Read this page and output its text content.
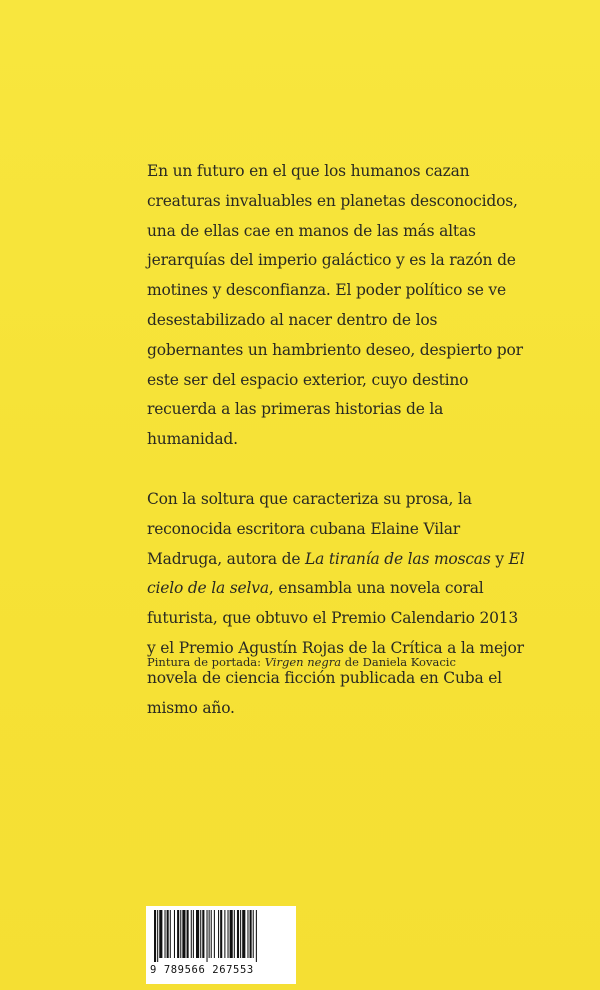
En un futuro en el que los humanos cazan creaturas invaluables en planetas desconocidos, una de ellas cae en manos de las más altas jerarquías del imperio galáctico y es la razón de motines y desconfianza. El poder político se ve desestabilizado al nacer dentro de los gobernantes un hambriento deseo, despierto por este ser del espacio exterior, cuyo destino recuerda a las primeras historias de la humanidad.

Con la soltura que caracteriza su prosa, la reconocida escritora cubana Elaine Vilar Madruga, autora de La tiranía de las moscas y El cielo de la selva, ensambla una novela coral futurista, que obtuvo el Premio Calendario 2013 y el Premio Agustín Rojas de la Crítica a la mejor novela de ciencia ficción publicada en Cuba el mismo año.

Pintura de portada: Virgen negra de Daniela Kovacic
9 789566 267553
